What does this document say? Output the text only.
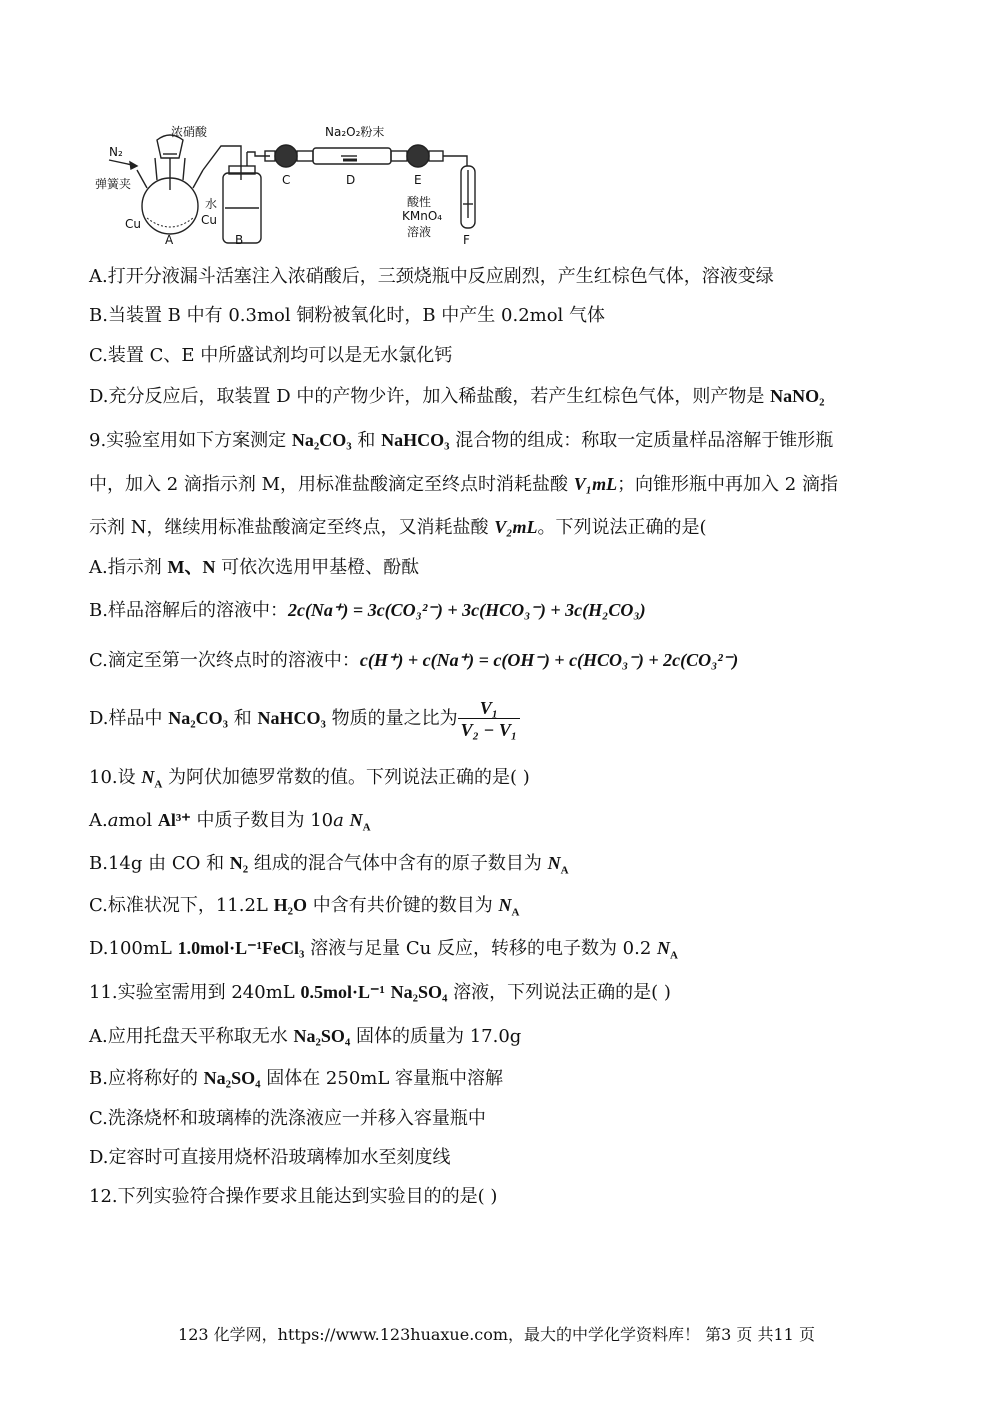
N₂
弹簧夹
浓硝酸
Cu
A
水
Cu
B
C
Na₂O₂粉末
D	E
酸性
KMnO₄
溶液
F
A.打开分液漏斗活塞注入浓硝酸后，三颈烧瓶中反应剧烈，产生红棕色气体，溶液变绿
B.当装置 B 中有 0.3mol 铜粉被氧化时，B 中产生 0.2mol 气体
C.装置 C、E 中所盛试剂均可以是无水氯化钙
D.充分反应后，取装置 D 中的产物少许，加入稀盐酸，若产生红棕色气体，则产物是 NaNO₂
9.实验室用如下方案测定 Na₂CO₃ 和 NaHCO₃ 混合物的组成：称取一定质量样品溶解于锥形瓶
中，加入 2 滴指示剂 M，用标准盐酸滴定至终点时消耗盐酸 V₁mL；向锥形瓶中再加入 2 滴指
示剂 N，继续用标准盐酸滴定至终点，又消耗盐酸 V₂mL。下列说法正确的是(
A.指示剂 M、N 可依次选用甲基橙、酚酞
B.样品溶解后的溶液中：2c(Na⁺) = 3c(CO₃²⁻) + 3c(HCO₃⁻) + 3c(H₂CO₃)
C.滴定至第一次终点时的溶液中：c(H⁺) + c(Na⁺) = c(OH⁻) + c(HCO₃⁻) + 2c(CO₃²⁻)
D.样品中 Na₂CO₃ 和 NaHCO₃ 物质的量之比为 $\frac{\text{V₁}}{\text{V₂ − V₁}}$
10.设 $N_A$ 为阿伏加德罗常数的值。下列说法正确的是( )
A.amol Al³⁺ 中质子数目为 10a $N_A$
B.14g 由 CO 和 N₂ 组成的混合气体中含有的原子数目为 $N_A$
C.标准状况下，11.2L H₂O 中含有共价键的数目为 $N_A$
D.100mL 1.0mol·L⁻¹FeCl₃ 溶液与足量 Cu 反应，转移的电子数为 0.2 $N_A$
11.实验室需用到 240mL 0.5mol·L⁻¹ Na₂SO₄ 溶液，下列说法正确的是( )
A.应用托盘天平称取无水 Na₂SO₄ 固体的质量为 17.0g
B.应将称好的 Na₂SO₄ 固体在 250mL 容量瓶中溶解
C.洗涤烧杯和玻璃棒的洗涤液应一并移入容量瓶中
D.定容时可直接用烧杯沿玻璃棒加水至刻度线
12.下列实验符合操作要求且能达到实验目的的是( )
123 化学网，https://www.123huaxue.com，最大的中学化学资料库！ 第3 页 共11 页
